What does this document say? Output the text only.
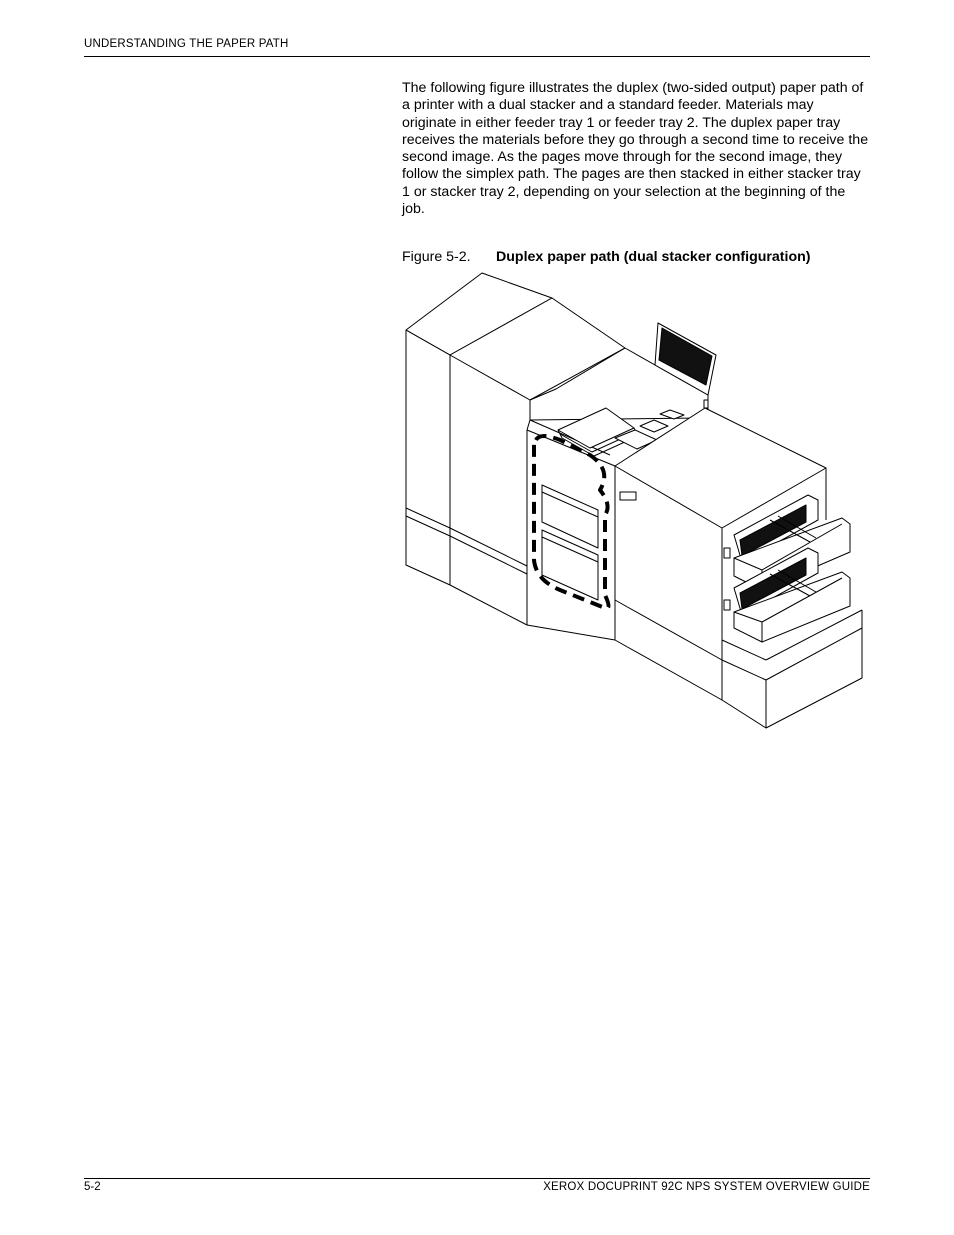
UNDERSTANDING THE PAPER PATH

The following figure illustrates the duplex (two-sided output) paper path of a printer with a dual stacker and a standard feeder. Materials may originate in either feeder tray 1 or feeder tray 2. The duplex paper tray receives the materials before they go through a second time to receive the second image. As the pages move through for the second image, they follow the simplex path. The pages are then stacked in either stacker tray 1 or stacker tray 2, depending on your selection at the beginning of the job.

Figure 5-2. Duplex paper path (dual stacker configuration)
5-2	XEROX DOCUPRINT 92C NPS SYSTEM OVERVIEW GUIDE
